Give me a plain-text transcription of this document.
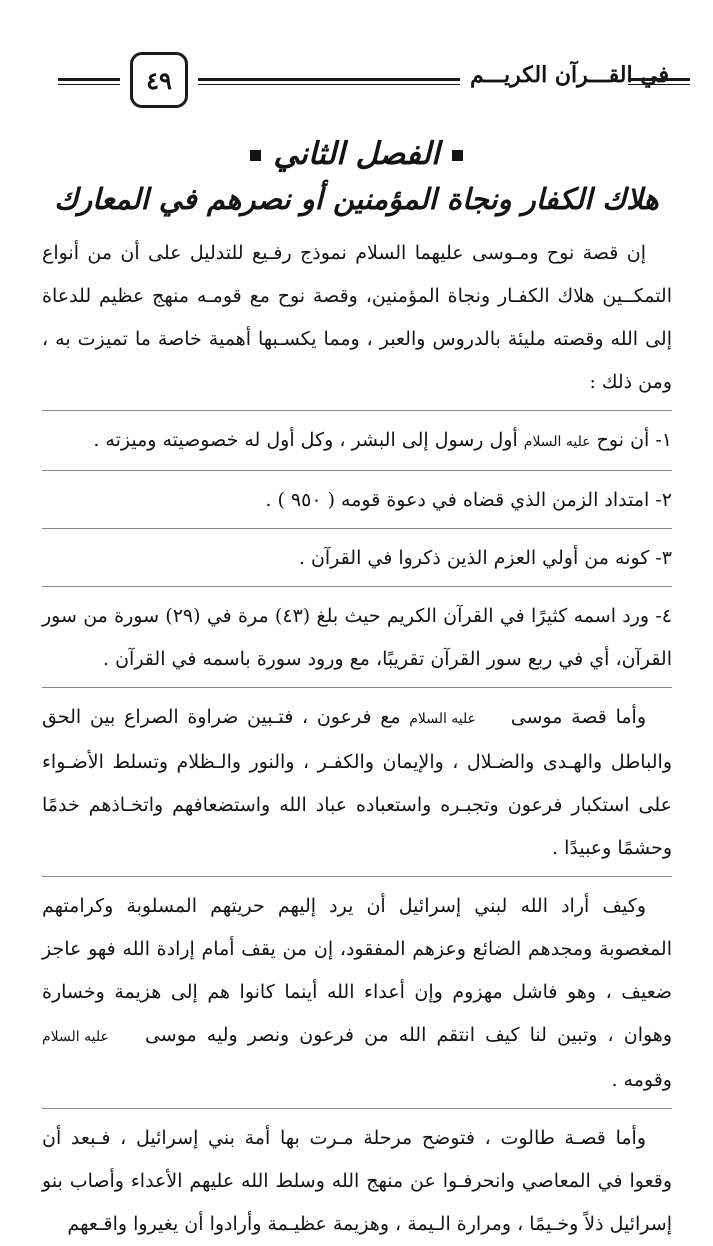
٤٩	في القـــرآن الكريـــم
الفصل الثاني
هلاك الكفار ونجاة المؤمنين أو نصرهم في المعارك

إن قصة نوح ومـوسى عليهما السلام نموذج رفـيع للتدليل على أن من أنواع التمكــين هلاك الكفـار ونجاة المؤمنين، وقصة نوح مع قومـه منهج عظيم للدعاة إلى الله وقصته مليئة بالدروس والعبر ، ومما يكسـبها أهمية خاصة ما تميزت به ، ومن ذلك :

١- أن نوح عليه السلام أول رسول إلى البشر ، وكل أول له خصوصيته وميزته .

٢- امتداد الزمن الذي قضاه في دعوة قومه ( ٩٥٠ ) .

٣- كونه من أولي العزم الذين ذكروا في القرآن .

٤- ورد اسمه كثيرًا في القرآن الكريم حيث بلغ (٤٣) مرة في (٢٩) سورة من سور القرآن، أي في ربع سور القرآن تقريبًا، مع ورود سورة باسمه في القرآن .

وأما قصة موسى عليه السلام مع فرعون ، فتـبين ضراوة الصراع بين الحق والباطل والهـدى والضـلال ، والإيمان والكفـر ، والنور والـظلام وتسلط الأضـواء على استكبار فرعون وتجبـره واستعباده عباد الله واستضعافهم واتخـاذهم خدمًا وحشمًا وعبيدًا .

وكيف أراد الله لبني إسرائيل أن يرد إليهم حريتهم المسلوبة وكرامتهم المغصوبة ومجدهم الضائع وعزهم المفقود، إن من يقف أمام إرادة الله فهو عاجز ضعيف ، وهو فاشل مهزوم وإن أعداء الله أينما كانوا هم إلى هزيمة وخسارة وهوان ، وتبين لنا كيف انتقم الله من فرعون ونصر وليه موسى عليه السلام وقومه .

وأما قصـة طالوت ، فتوضح مرحلة مـرت بها أمة بني إسرائيل ، فـبعد أن وقعوا في المعاصي وانحرفـوا عن منهج الله وسلط الله عليهم الأعداء وأصاب بنو إسرائيل ذلاً وخـيمًا ، ومرارة الـيمة ، وهزيمة عظيـمة وأرادوا أن يغيروا واقـعهم
